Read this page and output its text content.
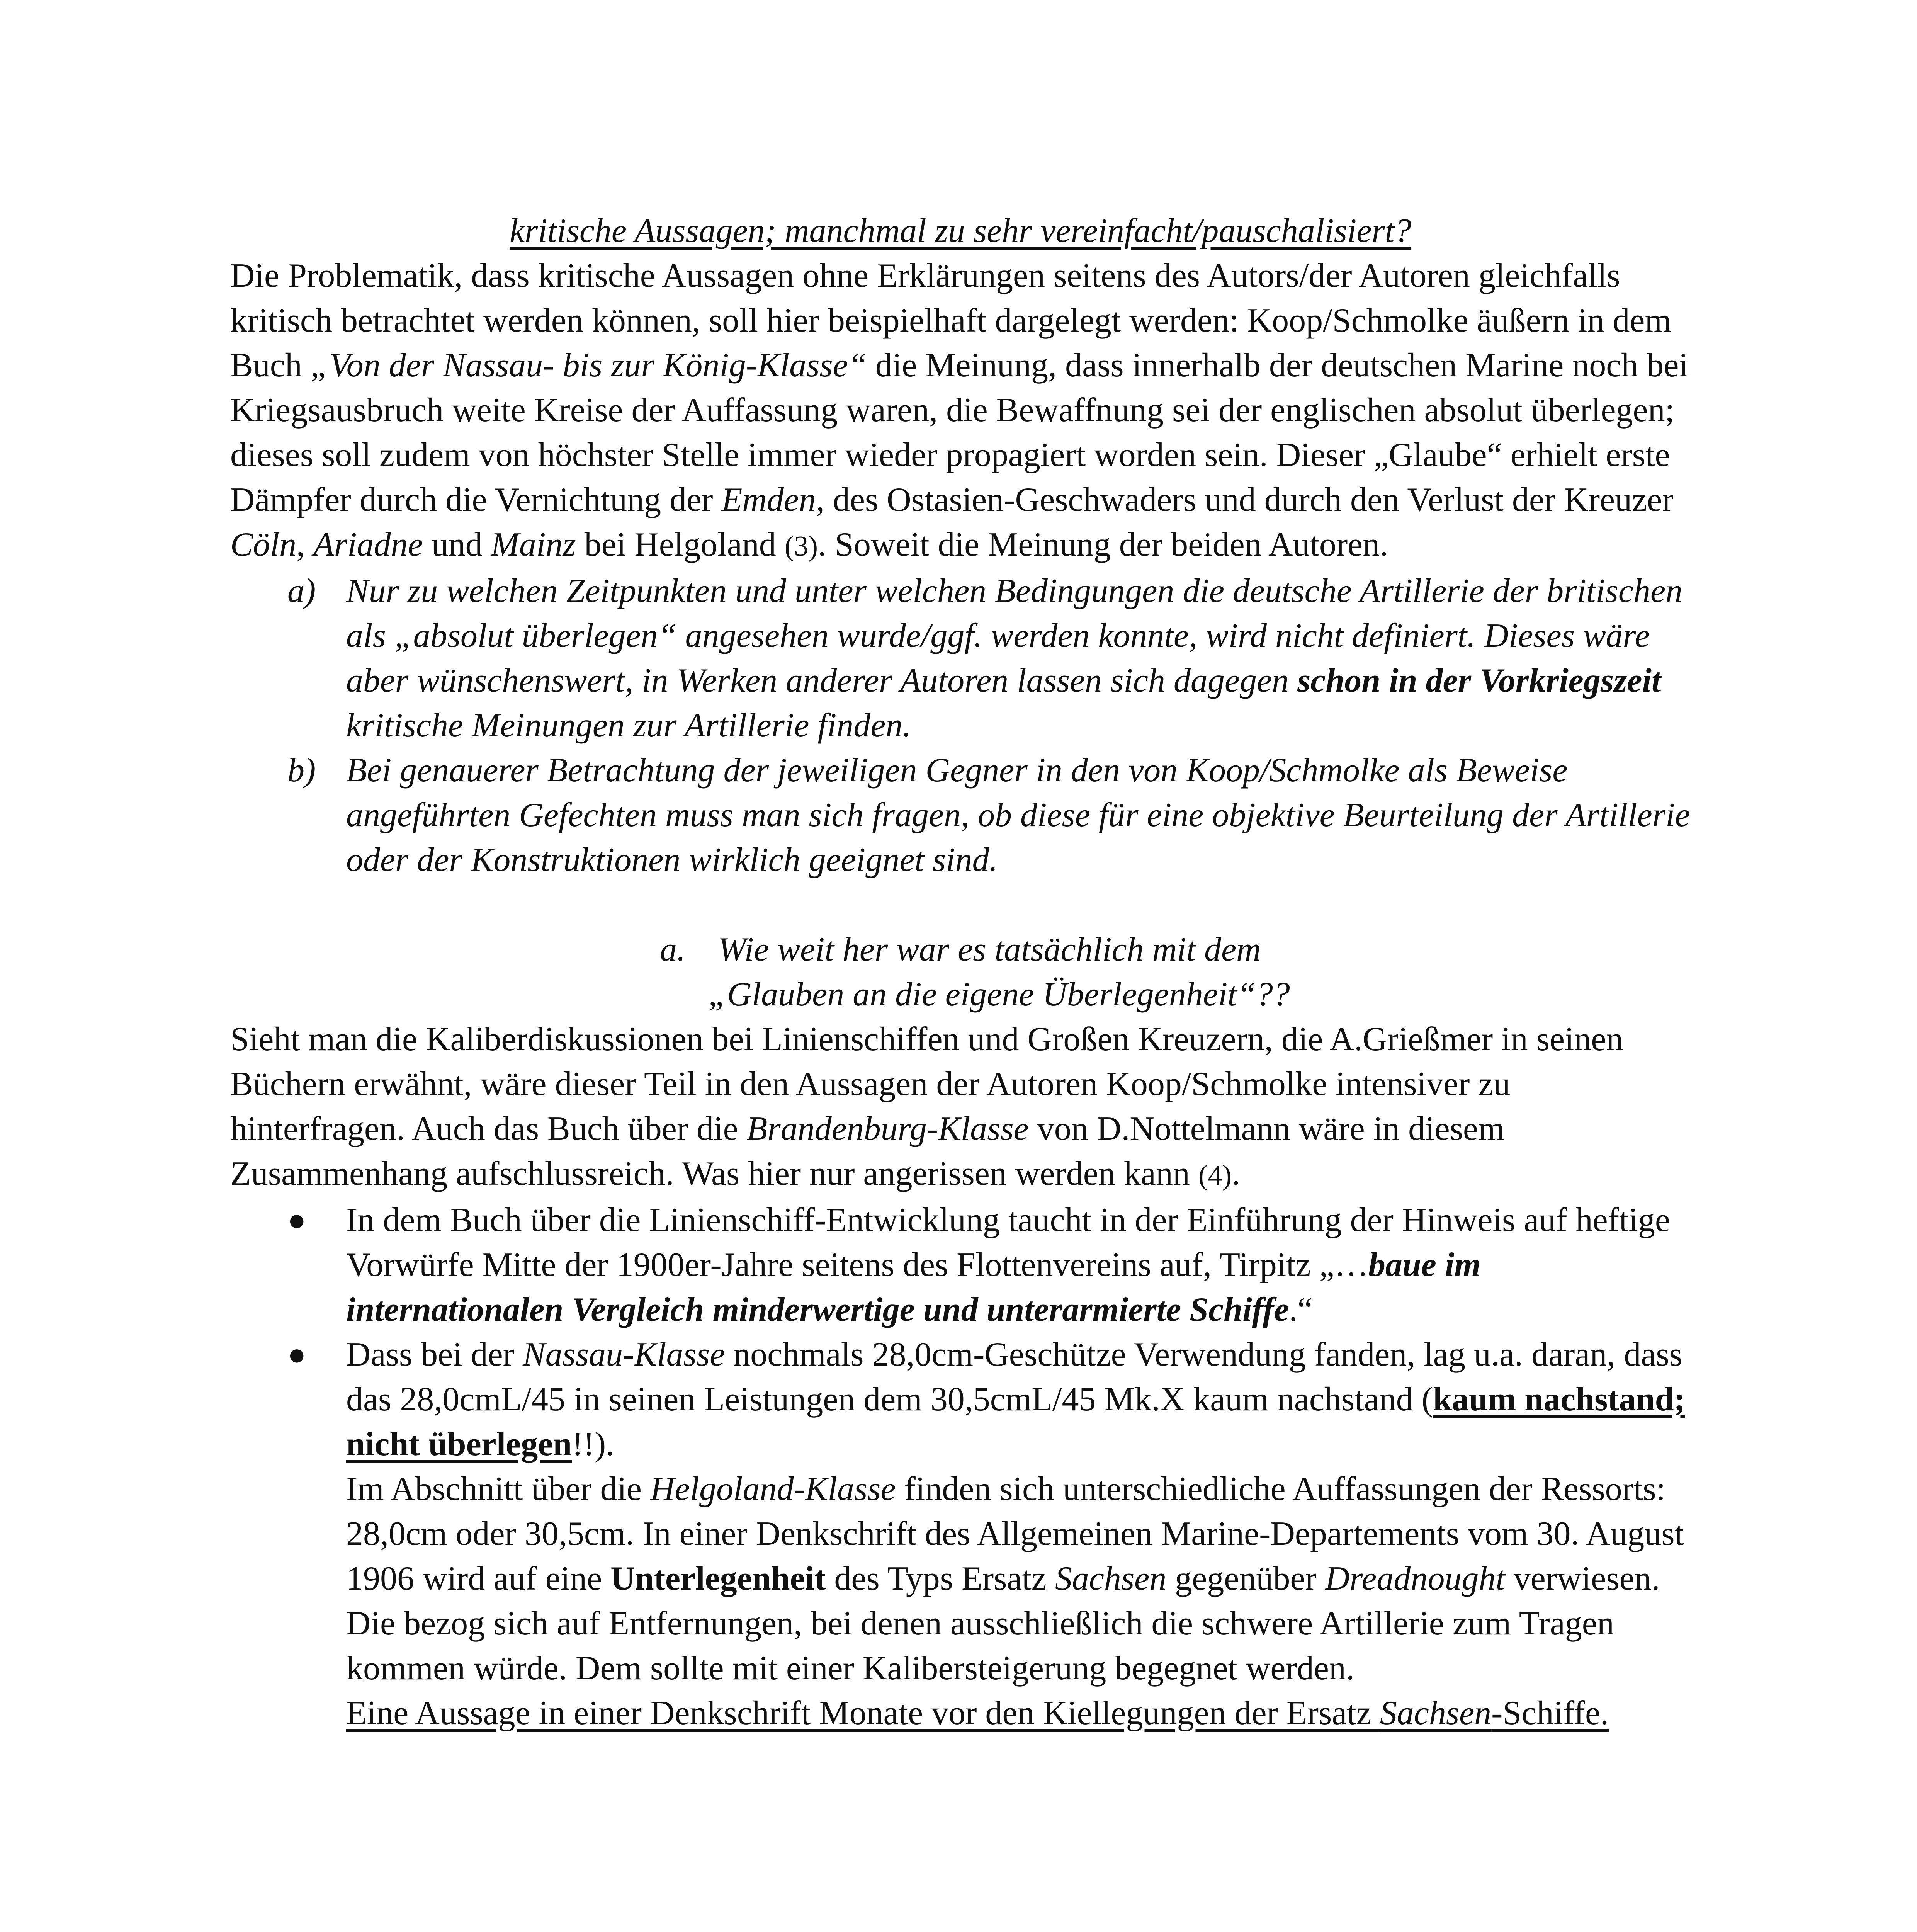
kritische Aussagen; manchmal zu sehr vereinfacht/pauschalisiert?

Die Problematik, dass kritische Aussagen ohne Erklärungen seitens des Autors/der Autoren gleichfalls kritisch betrachtet werden können, soll hier beispielhaft dargelegt werden: Koop/Schmolke äußern in dem Buch „Von der Nassau- bis zur König-Klasse“ die Meinung, dass innerhalb der deutschen Marine noch bei Kriegsausbruch weite Kreise der Auffassung waren, die Bewaffnung sei der englischen absolut überlegen; dieses soll zudem von höchster Stelle immer wieder propagiert worden sein. Dieser „Glaube“ erhielt erste Dämpfer durch die Vernichtung der Emden, des Ostasien-Geschwaders und durch den Verlust der Kreuzer Cöln, Ariadne und Mainz bei Helgoland (3). Soweit die Meinung der beiden Autoren.

a) Nur zu welchen Zeitpunkten und unter welchen Bedingungen die deutsche Artillerie der britischen als „absolut überlegen“ angesehen wurde/ggf. werden konnte, wird nicht definiert. Dieses wäre aber wünschenswert, in Werken anderer Autoren lassen sich dagegen schon in der Vorkriegszeit kritische Meinungen zur Artillerie finden.
b) Bei genauerer Betrachtung der jeweiligen Gegner in den von Koop/Schmolke als Beweise angeführten Gefechten muss man sich fragen, ob diese für eine objektive Beurteilung der Artillerie oder der Konstruktionen wirklich geeignet sind.
a. Wie weit her war es tatsächlich mit dem
„Glauben an die eigene Überlegenheit“??

Sieht man die Kaliberdiskussionen bei Linienschiffen und Großen Kreuzern, die A.Grießmer in seinen Büchern erwähnt, wäre dieser Teil in den Aussagen der Autoren Koop/Schmolke intensiver zu hinterfragen. Auch das Buch über die Brandenburg-Klasse von D.Nottelmann wäre in diesem Zusammenhang aufschlussreich. Was hier nur angerissen werden kann (4).

● In dem Buch über die Linienschiff-Entwicklung taucht in der Einführung der Hinweis auf heftige Vorwürfe Mitte der 1900er-Jahre seitens des Flottenvereins auf, Tirpitz „…baue im internationalen Vergleich minderwertige und unterarmierte Schiffe.“
● Dass bei der Nassau-Klasse nochmals 28,0cm-Geschütze Verwendung fanden, lag u.a. daran, dass das 28,0cmL/45 in seinen Leistungen dem 30,5cmL/45 Mk.X kaum nachstand (kaum nachstand; nicht überlegen!!).
Im Abschnitt über die Helgoland-Klasse finden sich unterschiedliche Auffassungen der Ressorts: 28,0cm oder 30,5cm. In einer Denkschrift des Allgemeinen Marine-Departements vom 30. August 1906 wird auf eine Unterlegenheit des Typs Ersatz Sachsen gegenüber Dreadnought verwiesen. Die bezog sich auf Entfernungen, bei denen ausschließlich die schwere Artillerie zum Tragen kommen würde. Dem sollte mit einer Kalibersteigerung begegnet werden.
Eine Aussage in einer Denkschrift Monate vor den Kiellegungen der Ersatz Sachsen-Schiffe.
